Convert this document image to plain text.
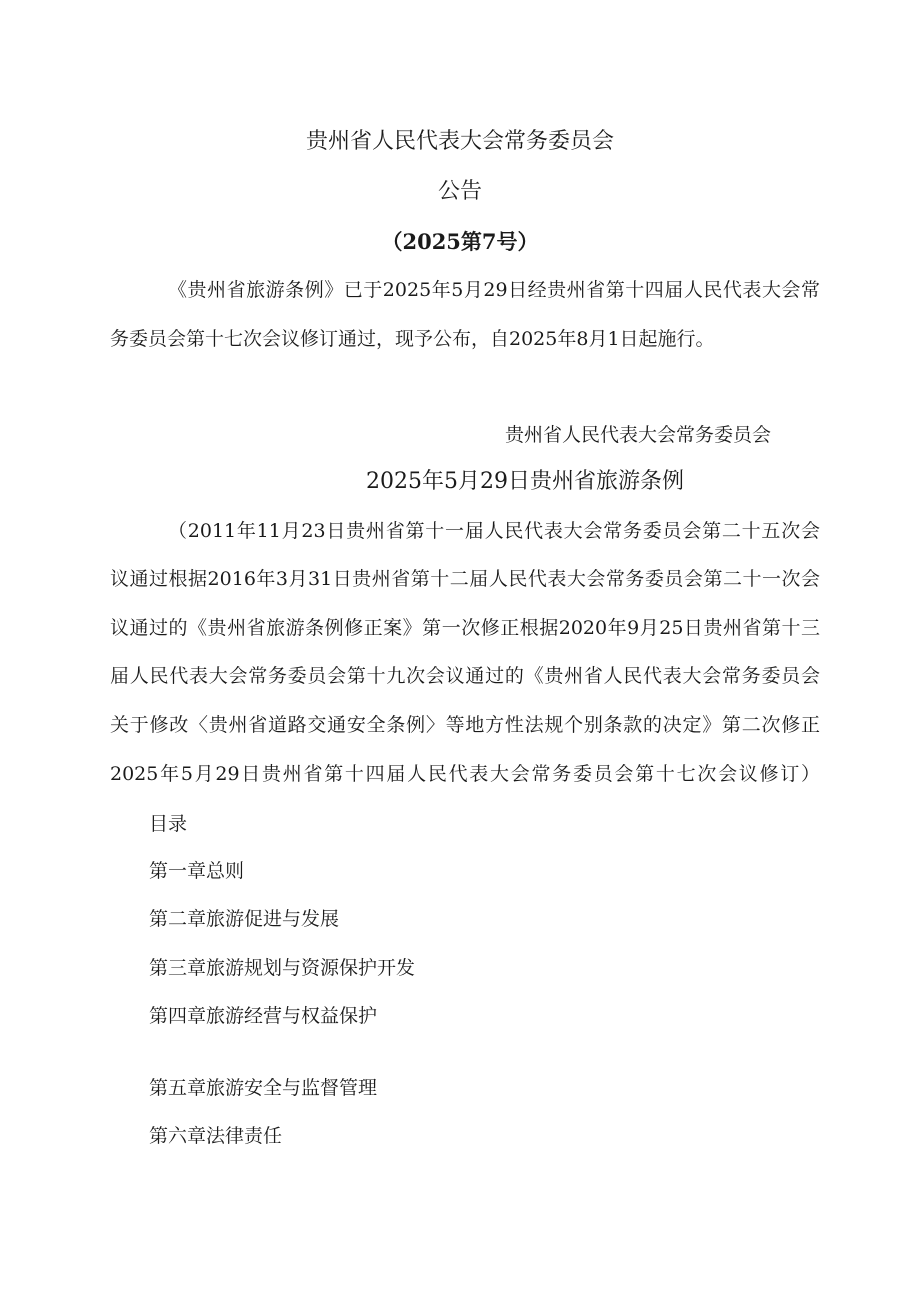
贵州省人民代表大会常务委员会
公告
（2025第7号）
《贵州省旅游条例》已于2025年5月29日经贵州省第十四届人民代表大会常
务委员会第十七次会议修订通过，现予公布，自2025年8月1日起施行。
贵州省人民代表大会常务委员会
2025年5月29日贵州省旅游条例
（2011年11月23日贵州省第十一届人民代表大会常务委员会第二十五次会
议通过根据2016年3月31日贵州省第十二届人民代表大会常务委员会第二十一次会
议通过的《贵州省旅游条例修正案》第一次修正根据2020年9月25日贵州省第十三
届人民代表大会常务委员会第十九次会议通过的《贵州省人民代表大会常务委员会
关于修改〈贵州省道路交通安全条例〉等地方性法规个别条款的决定》第二次修正
2025年5月29日贵州省第十四届人民代表大会常务委员会第十七次会议修订）
目录
第一章总则
第二章旅游促进与发展
第三章旅游规划与资源保护开发
第四章旅游经营与权益保护
第五章旅游安全与监督管理
第六章法律责任
